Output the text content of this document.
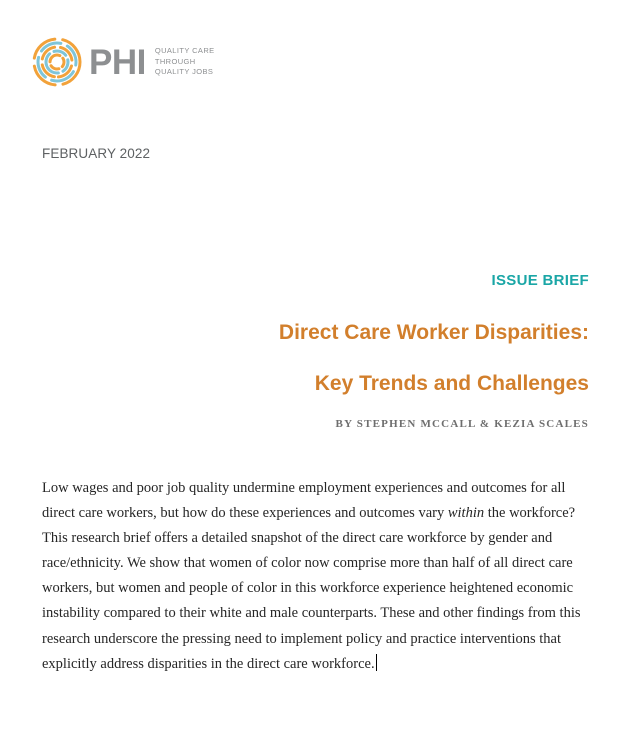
PHI QUALITY CARE
THROUGH
QUALITY JOBS
FEBRUARY 2022
ISSUE BRIEF
Direct Care Worker Disparities:
Key Trends and Challenges
BY STEPHEN MCCALL & KEZIA SCALES

Low wages and poor job quality undermine employment experiences and outcomes for all direct care workers, but how do these experiences and outcomes vary within the workforce? This research brief offers a detailed snapshot of the direct care workforce by gender and race/ethnicity. We show that women of color now comprise more than half of all direct care workers, but women and people of color in this workforce experience heightened economic instability compared to their white and male counterparts. These and other findings from this research underscore the pressing need to implement policy and practice interventions that explicitly address disparities in the direct care workforce.
